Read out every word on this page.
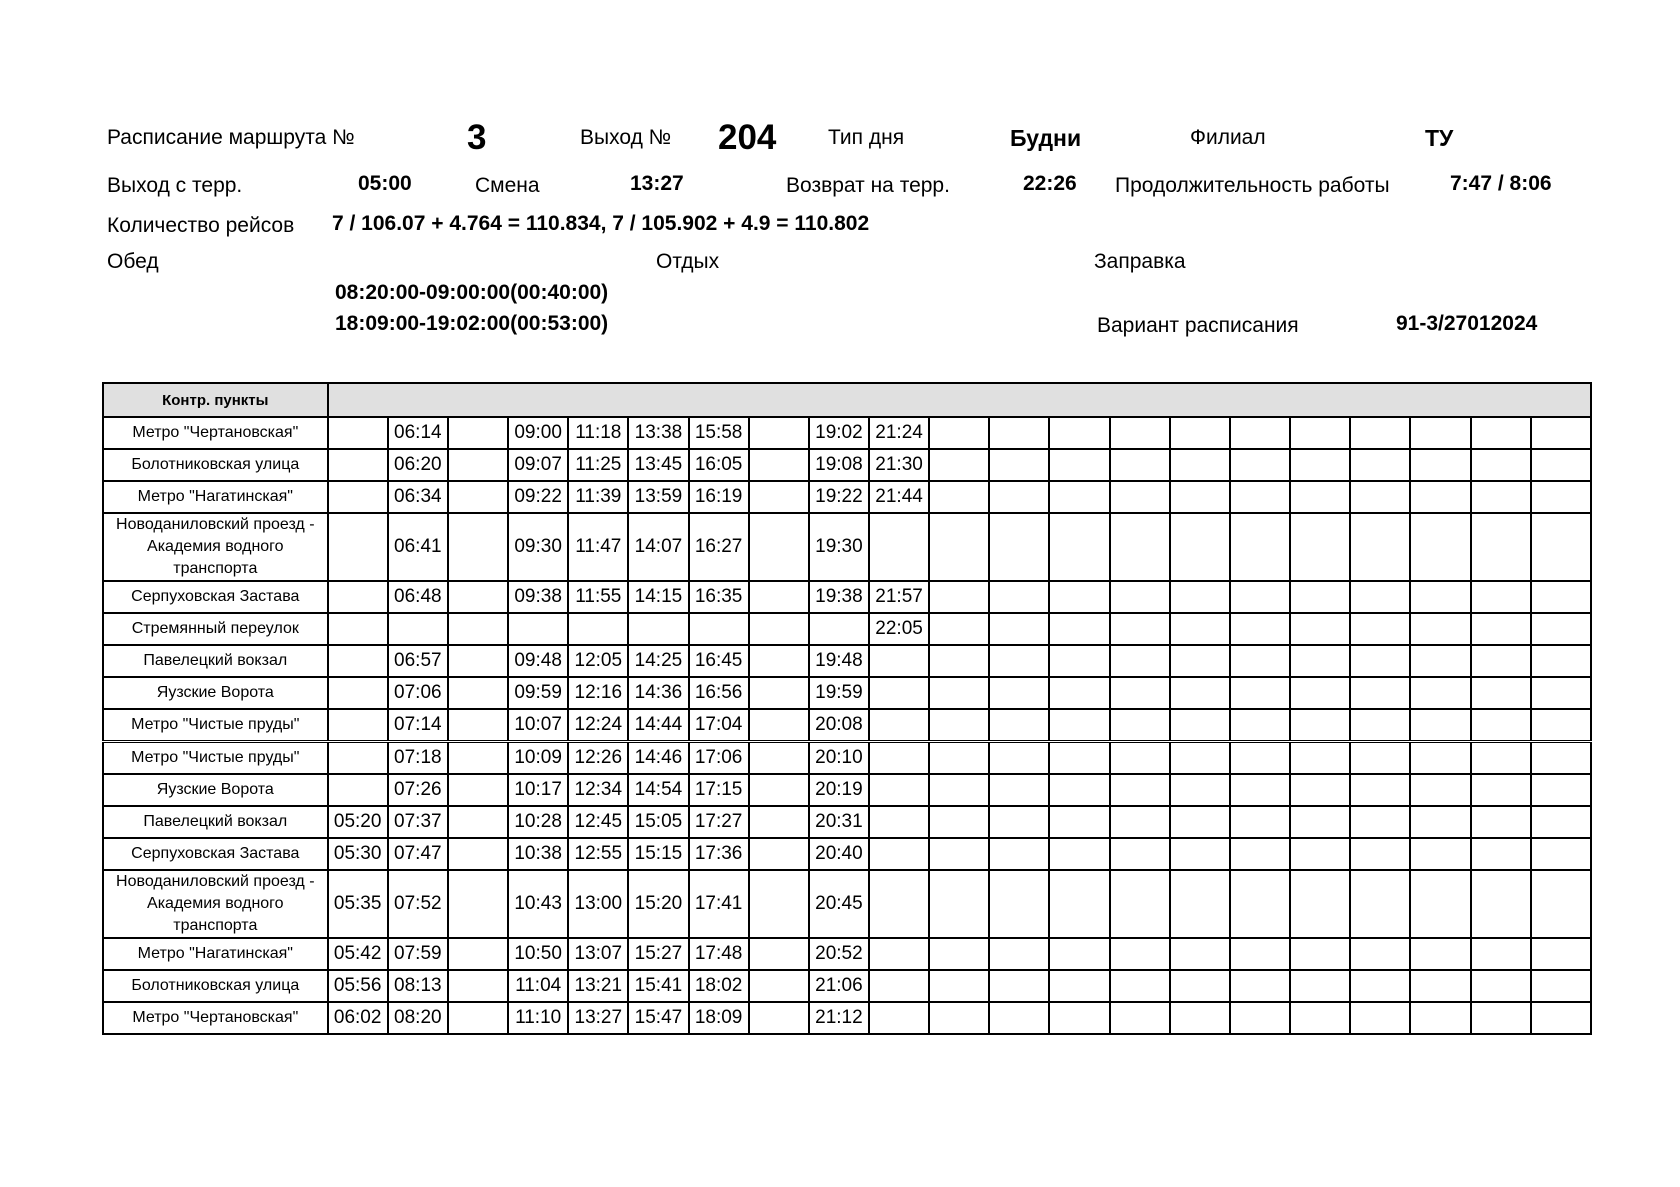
Расписание маршрута №	3	Выход № 204 Тип дня	Будни	Филиал	ТУ
Выход с терр.	05:00	Смена	13:27	Возврат на терр.	22:26 Продолжительность работы	7:47 / 8:06
Количество рейсов 7 / 106.07 + 4.764 = 110.834, 7 / 105.902 + 4.9 = 110.802
Обед	Отдых	Заправка
08:20:00-09:00:00(00:40:00)
18:09:00-19:02:00(00:53:00)	Вариант расписания	91-3/27012024
Контр. пункты																					
Метро "Чертановская"		06:14		09:00	11:18	13:38	15:58		19:02	21:24											
Болотниковская улица		06:20		09:07	11:25	13:45	16:05		19:08	21:30											
Метро "Нагатинская"		06:34		09:22	11:39	13:59	16:19		19:22	21:44											
Новоданиловский проезд - Академия водного транспорта		06:41		09:30	11:47	14:07	16:27		19:30												
Серпуховская Застава		06:48		09:38	11:55	14:15	16:35		19:38	21:57											
Стремянный переулок										22:05											
Павелецкий вокзал		06:57		09:48	12:05	14:25	16:45		19:48												
Яузские Ворота		07:06		09:59	12:16	14:36	16:56		19:59												
Метро "Чистые пруды"		07:14		10:07	12:24	14:44	17:04		20:08												
Метро "Чистые пруды"		07:18		10:09	12:26	14:46	17:06		20:10												
Яузские Ворота		07:26		10:17	12:34	14:54	17:15		20:19												
Павелецкий вокзал	05:20	07:37		10:28	12:45	15:05	17:27		20:31												
Серпуховская Застава	05:30	07:47		10:38	12:55	15:15	17:36		20:40												
Новоданиловский проезд - Академия водного транспорта	05:35	07:52		10:43	13:00	15:20	17:41		20:45												
Метро "Нагатинская"	05:42	07:59		10:50	13:07	15:27	17:48		20:52												
Болотниковская улица	05:56	08:13		11:04	13:21	15:41	18:02		21:06												
Метро "Чертановская"	06:02	08:20		11:10	13:27	15:47	18:09		21:12												
